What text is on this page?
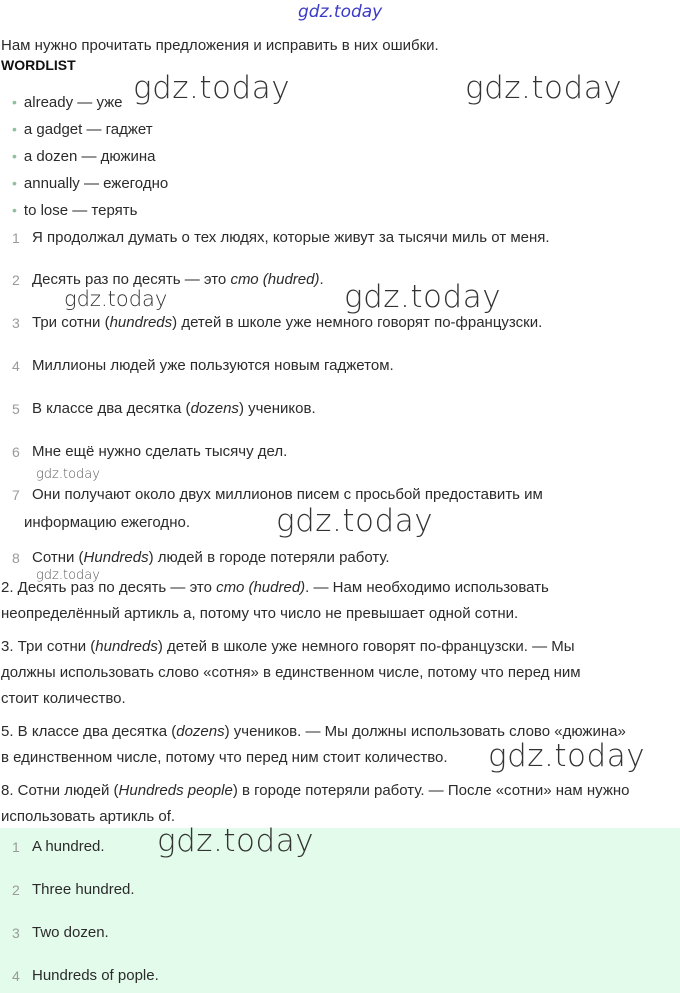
gdz.today
Нам нужно прочитать предложения и исправить в них ошибки.
WORDLIST
• already — уже
• a gadget — гаджет
• a dozen — дюжина
• annually — ежегодно
• to lose — терять
1 Я продолжал думать о тех людях, которые живут за тысячи миль от меня.
2 Десять раз по десять — это сто (hudred).
3 Три сотни (hundreds) детей в школе уже немного говорят по-французски.
4 Миллионы людей уже пользуются новым гаджетом.
5 В классе два десятка (dozens) учеников.
6 Мне ещё нужно сделать тысячу дел.
7 Они получают около двух миллионов писем с просьбой предоставить им
информацию ежегодно.
8 Сотни (Hundreds) людей в городе потеряли работу.
2. Десять раз по десять — это сто (hudred). — Нам необходимо использовать
неопределённый артикль a, потому что число не превышает одной сотни.
3. Три сотни (hundreds) детей в школе уже немного говорят по-французски. — Мы
должны использовать слово «сотня» в единственном числе, потому что перед ним
стоит количество.
5. В классе два десятка (dozens) учеников. — Мы должны использовать слово «дюжина»
в единственном числе, потому что перед ним стоит количество.
8. Сотни людей (Hundreds people) в городе потеряли работу. — После «сотни» нам нужно
использовать артикль of.
1 A hundred.
2 Three hundred.
3 Two dozen.
4 Hundreds of pople.
gdz.today	gdz.today
gdz.today	gdz.today
gdz.today
gdz.today
gdz.today
gdz.today
gdz.today
